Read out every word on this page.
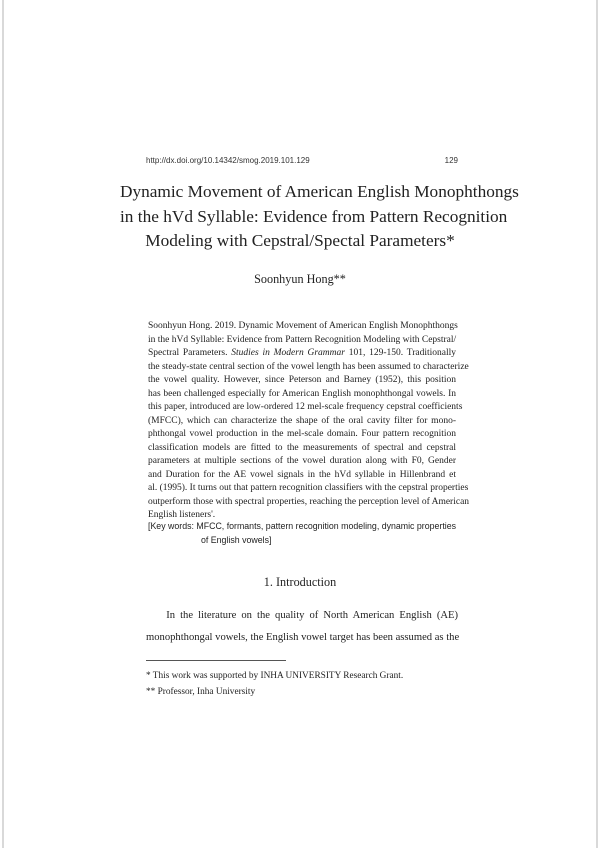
http://dx.doi.org/10.14342/smog.2019.101.129	129
Dynamic Movement of American English Monophthongs
in the hVd Syllable: Evidence from Pattern Recognition
Modeling with Cepstral/Spectal Parameters*
Soonhyun Hong**
Soonhyun Hong. 2019. Dynamic Movement of American English Monophthongs
in the hVd Syllable: Evidence from Pattern Recognition Modeling with Cepstral/
Spectral Parameters. Studies in Modern Grammar 101, 129-150. Traditionally
the steady-state central section of the vowel length has been assumed to characterize
the vowel quality. However, since Peterson and Barney (1952), this position
has been challenged especially for American English monophthongal vowels. In
this paper, introduced are low-ordered 12 mel-scale frequency cepstral coefficients
(MFCC), which can characterize the shape of the oral cavity filter for mono-
phthongal vowel production in the mel-scale domain. Four pattern recognition
classification models are fitted to the measurements of spectral and cepstral
parameters at multiple sections of the vowel duration along with F0, Gender
and Duration for the AE vowel signals in the hVd syllable in Hillenbrand et
al. (1995). It turns out that pattern recognition classifiers with the cepstral properties
outperform those with spectral properties, reaching the perception level of American
English listeners'.
[Key words: MFCC, formants, pattern recognition modeling, dynamic properties
of English vowels]
1. Introduction
In the literature on the quality of North American English (AE)
monophthongal vowels, the English vowel target has been assumed as the
* This work was supported by INHA UNIVERSITY Research Grant.
** Professor, Inha University
